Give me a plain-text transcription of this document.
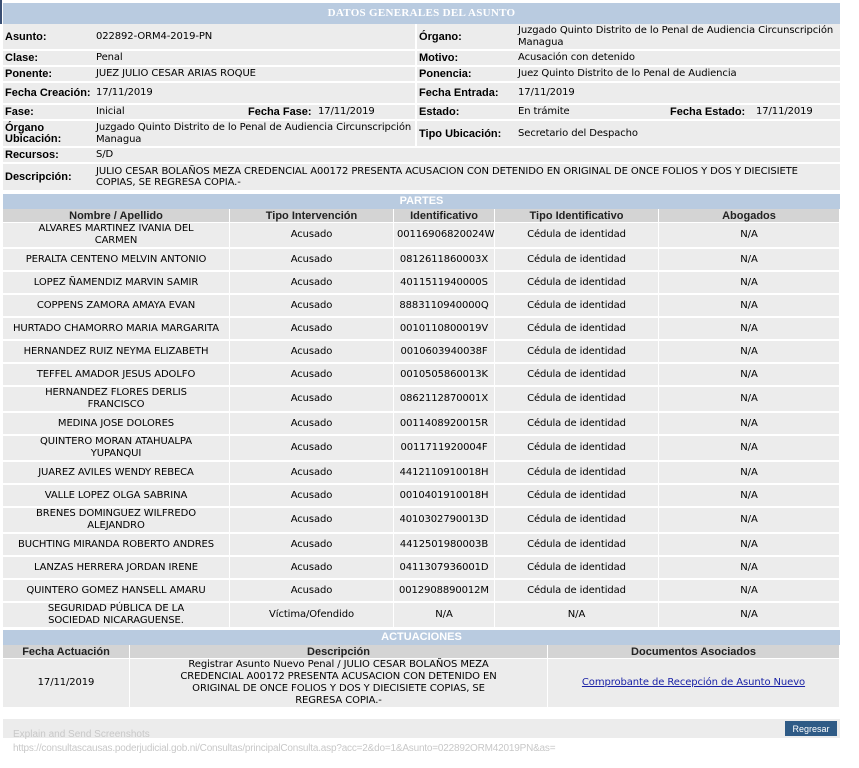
DATOS GENERALES DEL ASUNTO
Asunto:	022892-ORM4-2019-PN			Órgano:	Juzgado Quinto Distrito de lo Penal de Audiencia Circunscripción Managua		
Clase:	Penal			Motivo:	Acusación con detenido		
Ponente:	JUEZ JULIO CESAR ARIAS ROQUE			Ponencia:	Juez Quinto Distrito de lo Penal de Audiencia		
Fecha Creación:	17/11/2019			Fecha Entrada:	17/11/2019		
Fase:	Inicial	Fecha Fase:	17/11/2019	Estado:	En trámite	Fecha Estado:	17/11/2019
Órgano Ubicación:	Juzgado Quinto Distrito de lo Penal de Audiencia Circunscripción Managua			Tipo Ubicación:	Secretario del Despacho		
Recursos:	S/D						
Descripción:	JULIO CESAR BOLAÑOS MEZA CREDENCIAL A00172 PRESENTA ACUSACION CON DETENIDO EN ORIGINAL DE ONCE FOLIOS Y DOS Y DIECISIETE COPIAS, SE REGRESA COPIA.-						
PARTES
Nombre / Apellido	Tipo Intervención	Identificativo	Tipo Identificativo	Abogados
ALVARES MARTINEZ IVANIA DEL CARMEN	Acusado	00116906820024W	Cédula de identidad	N/A
PERALTA CENTENO MELVIN ANTONIO	Acusado	0812611860003X	Cédula de identidad	N/A
LOPEZ ÑAMENDIZ MARVIN SAMIR	Acusado	4011511940000S	Cédula de identidad	N/A
COPPENS ZAMORA AMAYA EVAN	Acusado	8883110940000Q	Cédula de identidad	N/A
HURTADO CHAMORRO MARIA MARGARITA	Acusado	0010110800019V	Cédula de identidad	N/A
HERNANDEZ RUIZ NEYMA ELIZABETH	Acusado	0010603940038F	Cédula de identidad	N/A
TEFFEL AMADOR JESUS ADOLFO	Acusado	0010505860013K	Cédula de identidad	N/A
HERNANDEZ FLORES DERLIS FRANCISCO	Acusado	0862112870001X	Cédula de identidad	N/A
MEDINA JOSE DOLORES	Acusado	0011408920015R	Cédula de identidad	N/A
QUINTERO MORAN ATAHUALPA YUPANQUI	Acusado	0011711920004F	Cédula de identidad	N/A
JUAREZ AVILES WENDY REBECA	Acusado	4412110910018H	Cédula de identidad	N/A
VALLE LOPEZ OLGA SABRINA	Acusado	0010401910018H	Cédula de identidad	N/A
BRENES DOMINGUEZ WILFREDO ALEJANDRO	Acusado	4010302790013D	Cédula de identidad	N/A
BUCHTING MIRANDA ROBERTO ANDRES	Acusado	4412501980003B	Cédula de identidad	N/A
LANZAS HERRERA JORDAN IRENE	Acusado	0411307936001D	Cédula de identidad	N/A
QUINTERO GOMEZ HANSELL AMARU	Acusado	0012908890012M	Cédula de identidad	N/A
SEGURIDAD PÚBLICA DE LA SOCIEDAD NICARAGUENSE.	Víctima/Ofendido	N/A	N/A	N/A
ACTUACIONES
Fecha Actuación	Descripción	Documentos Asociados
17/11/2019	Registrar Asunto Nuevo Penal / JULIO CESAR BOLAÑOS MEZA CREDENCIAL A00172 PRESENTA ACUSACION CON DETENIDO EN ORIGINAL DE ONCE FOLIOS Y DOS Y DIECISIETE COPIAS, SE REGRESA COPIA.-	Comprobante de Recepción de Asunto Nuevo
Regresar
Explain and Send Screenshots
https://consultascausas.poderjudicial.gob.ni/Consultas/principalConsulta.asp?acc=2&do=1&Asunto=022892ORM42019PN&as=
